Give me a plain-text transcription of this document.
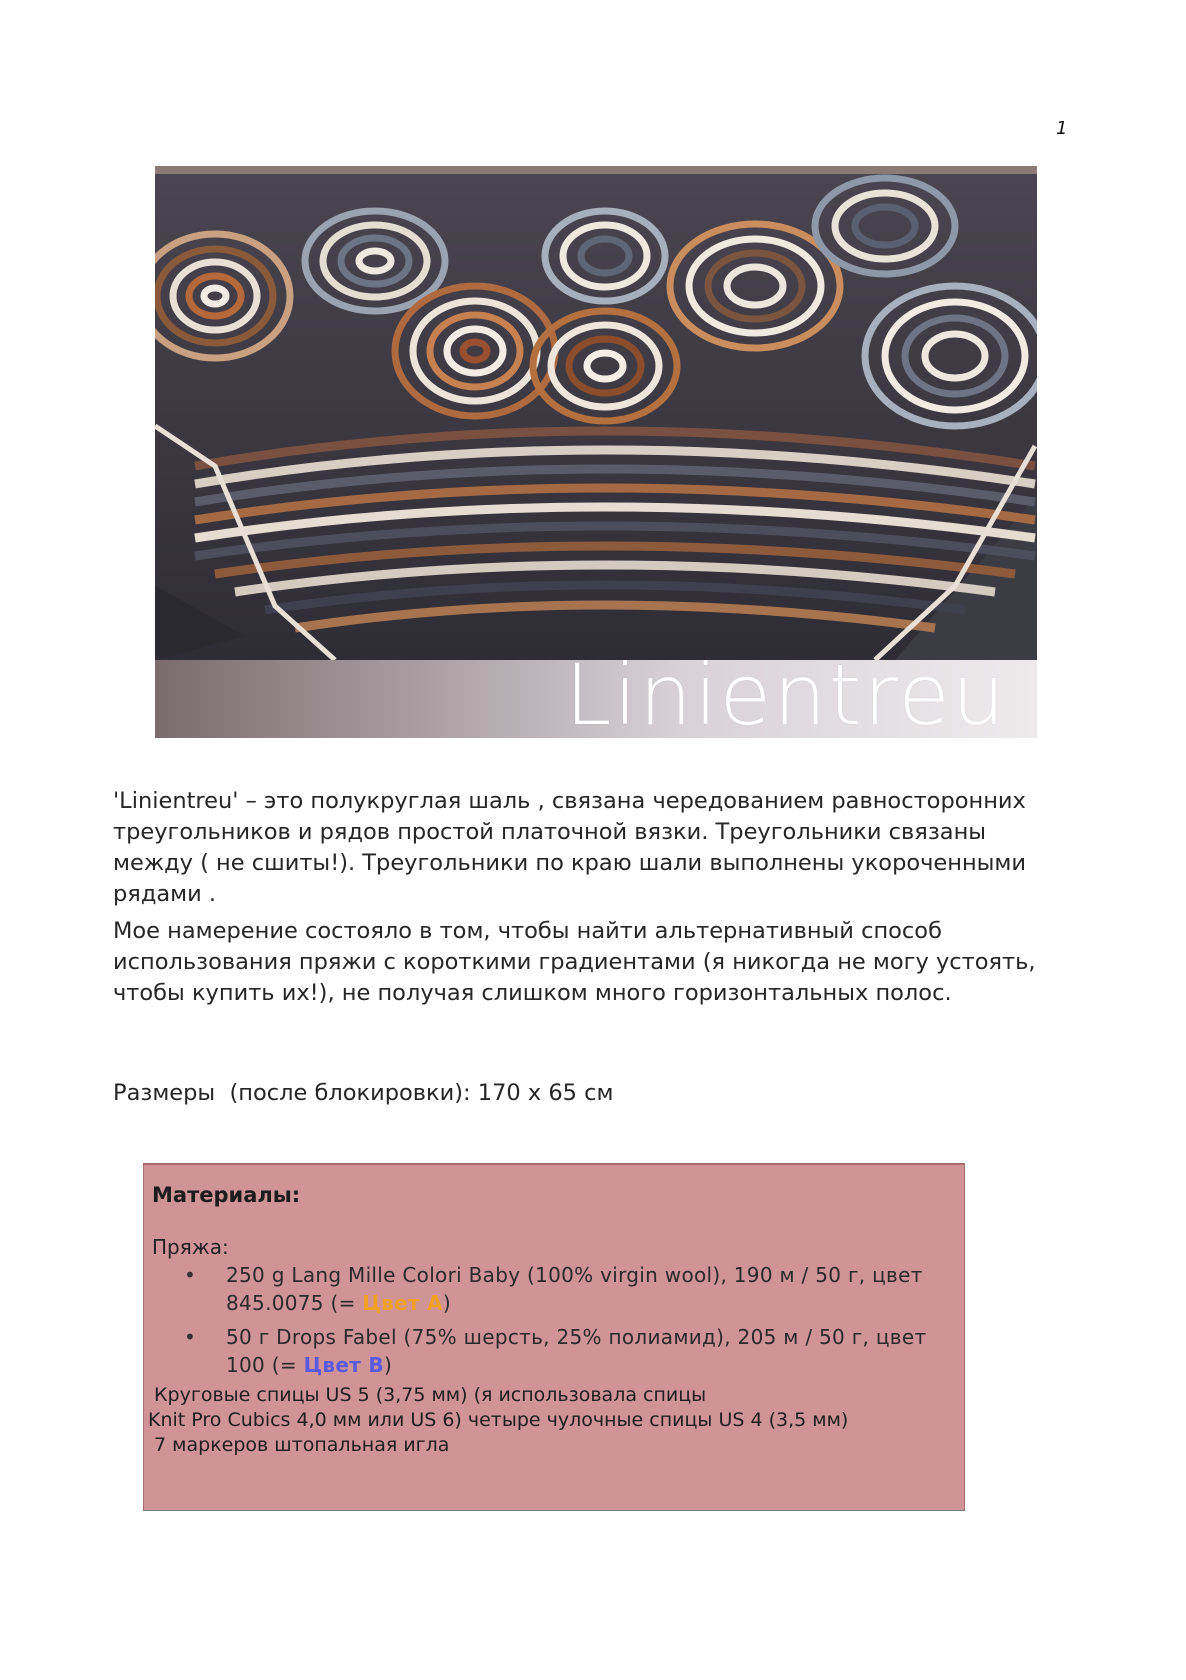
1
Linientreu

'Linientreu' – это полукруглая шаль , связана чередованием равносторонних треугольников и рядов простой платочной вязки. Треугольники связаны между ( не сшиты!). Треугольники по краю шали выполнены укороченными рядами .

Мое намерение состояло в том, чтобы найти альтернативный способ использования пряжи с короткими градиентами (я никогда не могу устоять, чтобы купить их!), не получая слишком много горизонтальных полос.

Размеры  (после блокировки): 170 х 65 см
Материалы:
Пряжа:
• 250 g Lang Mille Colori Baby (100% virgin wool), 190 м / 50 г, цвет 845.0075 (= Цвет А)
• 50 г Drops Fabel (75% шерсть, 25% полиамид), 205 м / 50 г, цвет 100 (= Цвет В)
Круговые спицы US 5 (3,75 мм) (я использовала спицы
Knit Pro Cubics 4,0 мм или US 6) четыре чулочные спицы US 4 (3,5 мм)
7 маркеров штопальная игла
